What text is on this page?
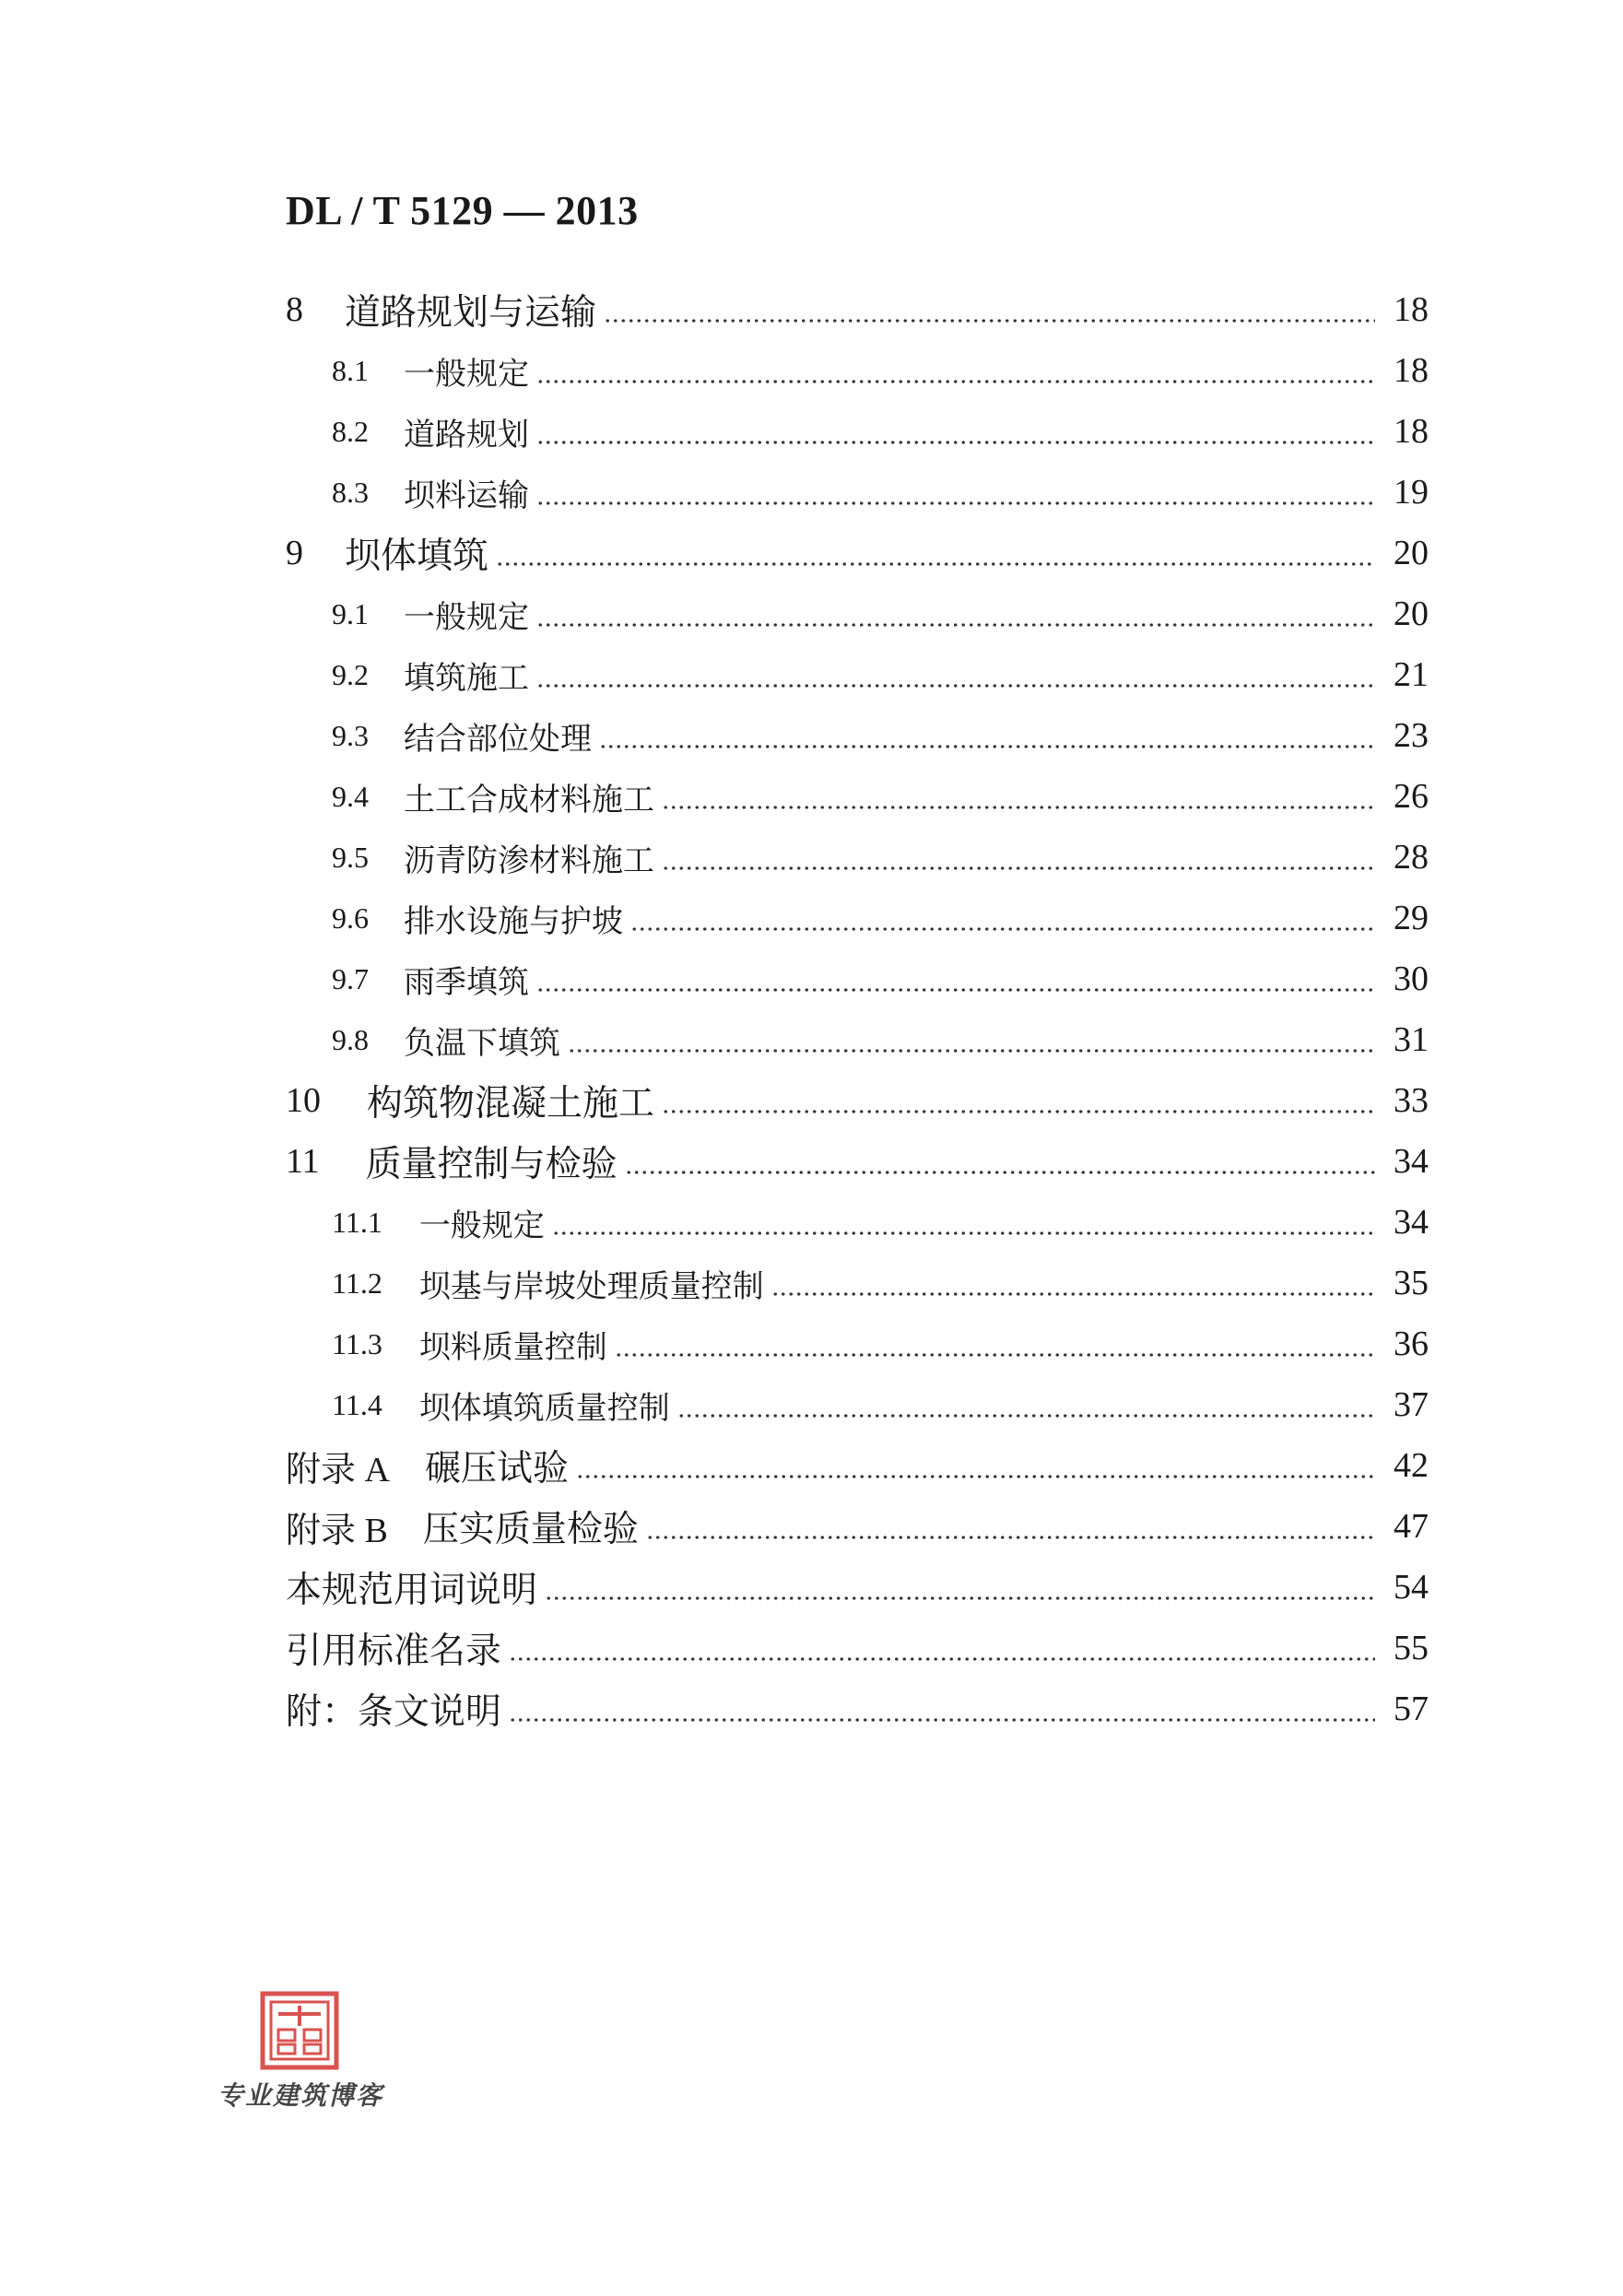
DL / T 5129 — 2013
8 道路规划与运输	18
8.1 一般规定	18
8.2 道路规划	18
8.3 坝料运输	19
9 坝体填筑	20
9.1 一般规定	20
9.2 填筑施工	21
9.3 结合部位处理	23
9.4 土工合成材料施工	26
9.5 沥青防渗材料施工	28
9.6 排水设施与护坡	29
9.7 雨季填筑	30
9.8 负温下填筑	31
10 构筑物混凝土施工	33
11 质量控制与检验	34
11.1 一般规定	34
11.2 坝基与岸坡处理质量控制	35
11.3 坝料质量控制	36
11.4 坝体填筑质量控制	37
附录 A 碾压试验	42
附录 B 压实质量检验	47
本规范用词说明	54
引用标准名录	55
附：条文说明	57
专业建筑博客
